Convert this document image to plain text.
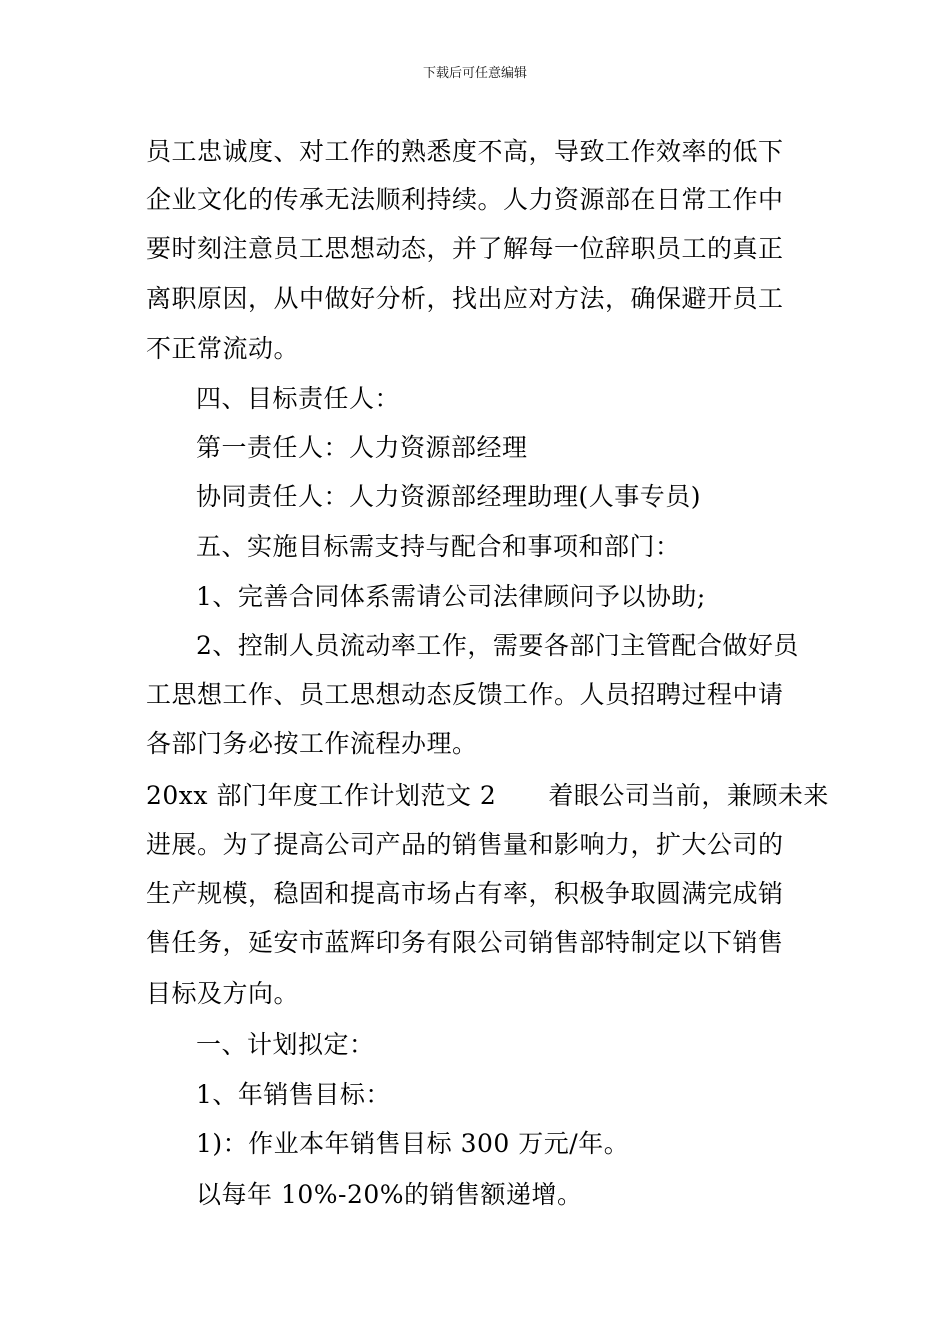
下载后可任意编辑
员工忠诚度、对工作的熟悉度不高，导致工作效率的低下
企业文化的传承无法顺利持续。人力资源部在日常工作中
要时刻注意员工思想动态，并了解每一位辞职员工的真正
离职原因，从中做好分析，找出应对方法，确保避开员工
不正常流动。
四、目标责任人：
第一责任人：人力资源部经理
协同责任人：人力资源部经理助理(人事专员)
五、实施目标需支持与配合和事项和部门：
1、完善合同体系需请公司法律顾问予以协助;
2、控制人员流动率工作，需要各部门主管配合做好员
工思想工作、员工思想动态反馈工作。人员招聘过程中请
各部门务必按工作流程办理。
20xx 部门年度工作计划范文 2 着眼公司当前，兼顾未来
进展。为了提高公司产品的销售量和影响力，扩大公司的
生产规模，稳固和提高市场占有率，积极争取圆满完成销
售任务，延安市蓝辉印务有限公司销售部特制定以下销售
目标及方向。
一、计划拟定：
1、年销售目标：
1)：作业本年销售目标 300 万元/年。
以每年 10%-20%的销售额递增。
